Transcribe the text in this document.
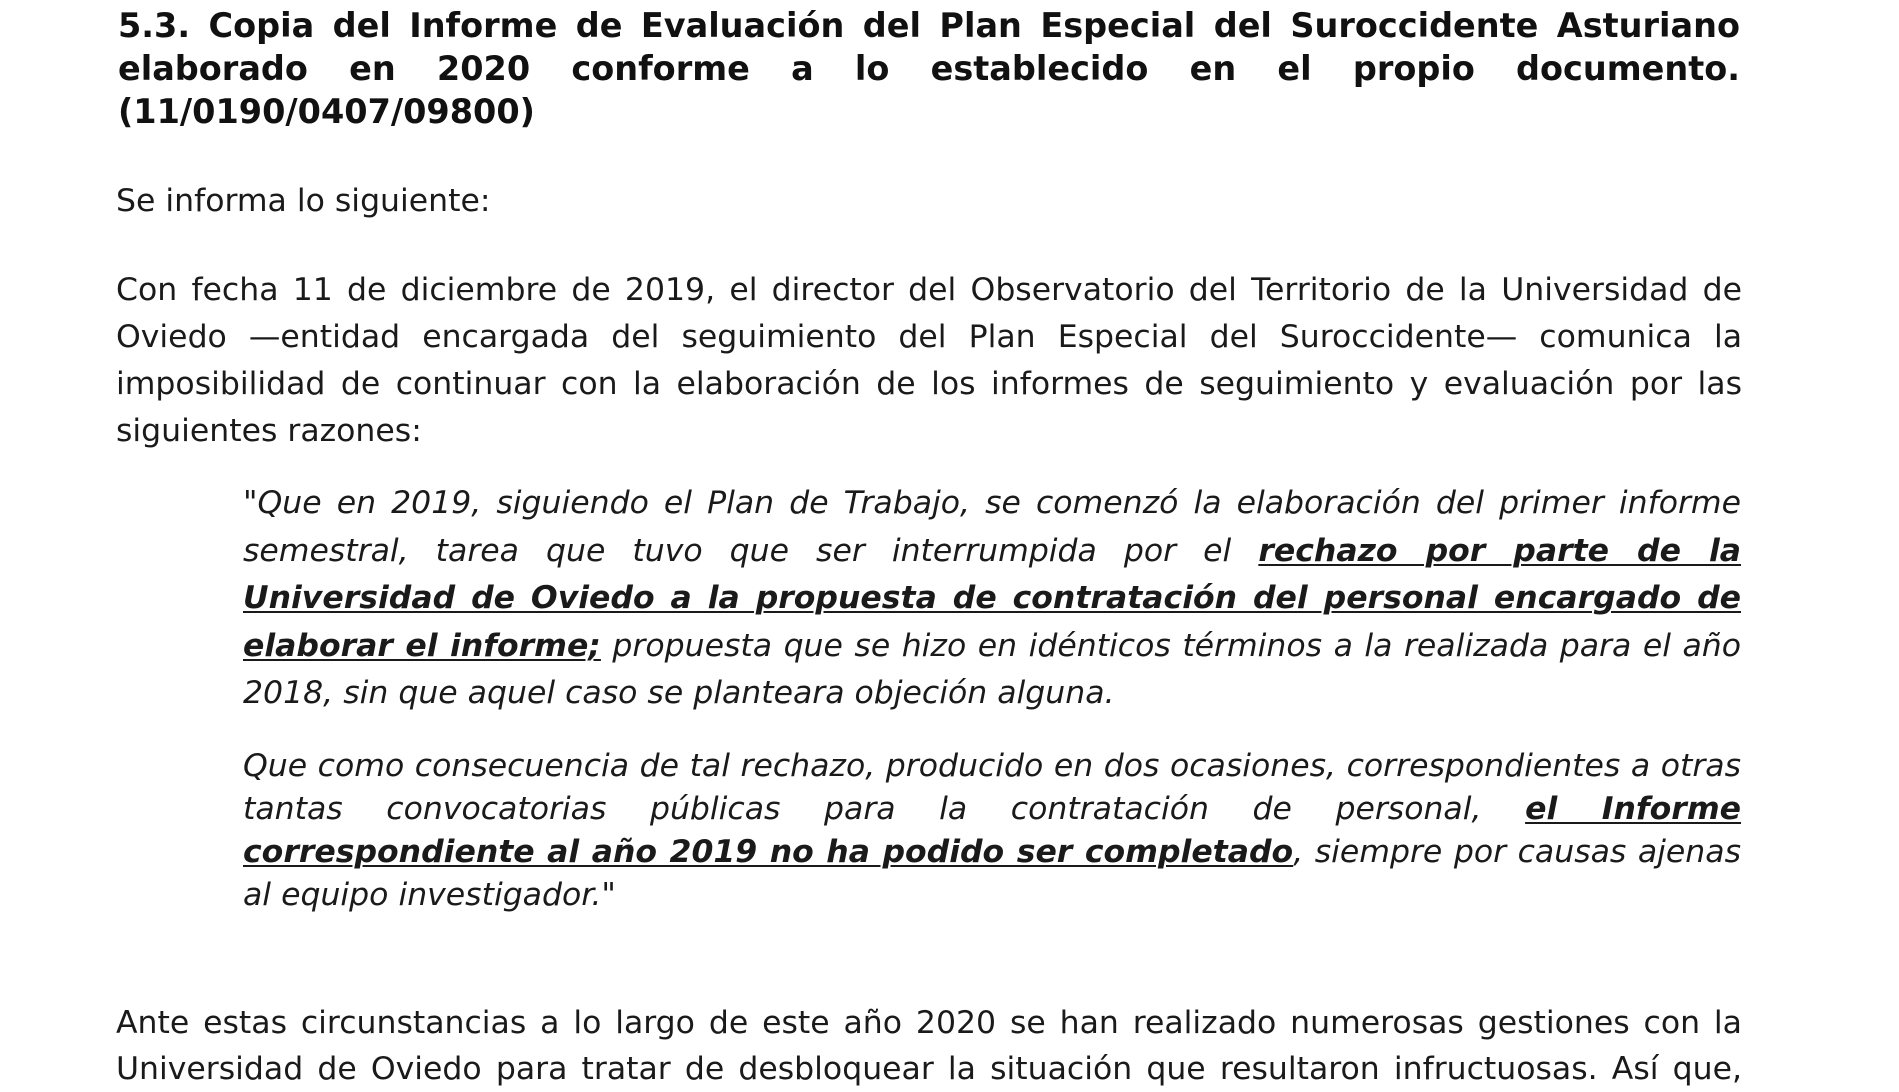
5.3. Copia del Informe de Evaluación del Plan Especial del Suroccidente Asturiano
elaborado en 2020 conforme a lo establecido en el propio documento.
(11/0190/0407/09800)

Se informa lo siguiente:

Con fecha 11 de diciembre de 2019, el director del Observatorio del Territorio de la Universidad de
Oviedo —entidad encargada del seguimiento del Plan Especial del Suroccidente— comunica la
imposibilidad de continuar con la elaboración de los informes de seguimiento y evaluación por las
siguientes razones:

"Que en 2019, siguiendo el Plan de Trabajo, se comenzó la elaboración del primer informe
semestral, tarea que tuvo que ser interrumpida por el rechazo por parte de la
Universidad de Oviedo a la propuesta de contratación del personal encargado de
elaborar el informe; propuesta que se hizo en idénticos términos a la realizada para el año
2018, sin que aquel caso se planteara objeción alguna.
Que como consecuencia de tal rechazo, producido en dos ocasiones, correspondientes a otras
tantas convocatorias públicas para la contratación de personal, el Informe
correspondiente al año 2019 no ha podido ser completado, siempre por causas ajenas
al equipo investigador."

Ante estas circunstancias a lo largo de este año 2020 se han realizado numerosas gestiones con la
Universidad de Oviedo para tratar de desbloquear la situación que resultaron infructuosas. Así que,
